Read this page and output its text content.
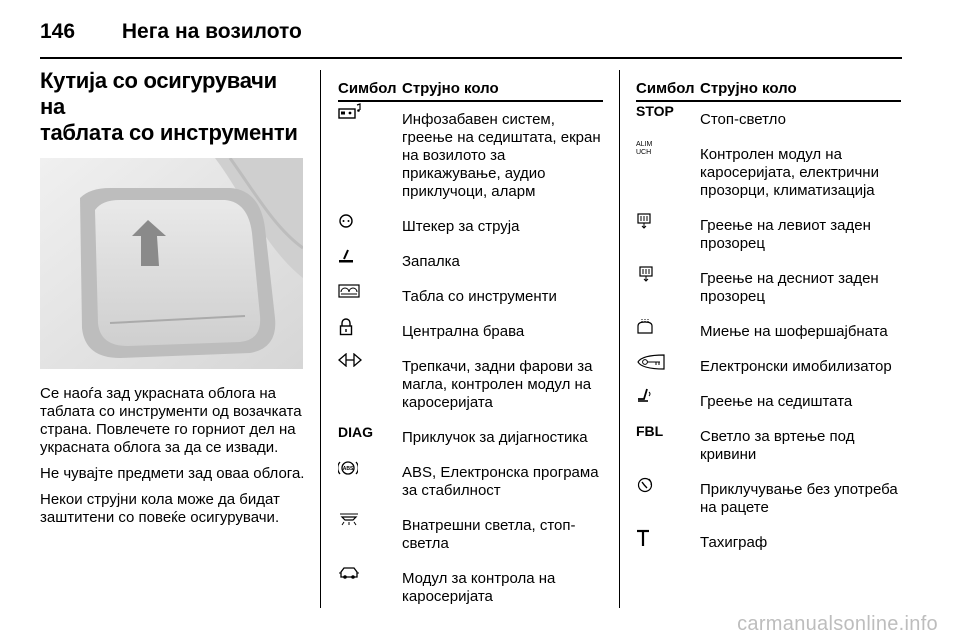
146 Нега на возилото
Кутија со осигурувачи на
таблата со инструменти

Се наоѓа зад украсната облога на таблата со инструменти од возачката страна. Повлечете го горниот дел на украсната облога за да се извади.

Не чувајте предмети зад оваа облога.

Некои струјни кола може да бидат заштитени со повеќе осигурувачи.

Симбол Струјно коло
Инфозабавен систем, греење на седиштата, екран на возилото за прикажување, аудио приклучоци, аларм
Штекер за струја
Запалка
Табла со инструменти
Централна брава
Трепкачи, задни фарови за магла, контролен модул на каросеријата
DIAG Приклучок за дијагностика
ABS	ABS, Електронска програма за стабилност
Внатрешни светла, стоп-светла
Модул за контрола на каросеријата
Симбол Струјно коло
STOP Стоп-светло
ALIM
UCH	Контролен модул на каросеријата, електрични прозорци, климатизација
Греење на левиот заден прозорец
Греење на десниот заден прозорец
Миење на шофершајбната
Електронски имобилизатор
Греење на седиштата
FBL Светло за вртење под кривини
Приклучување без употреба на рацете
Тахиграф
carmanualsonline.info
